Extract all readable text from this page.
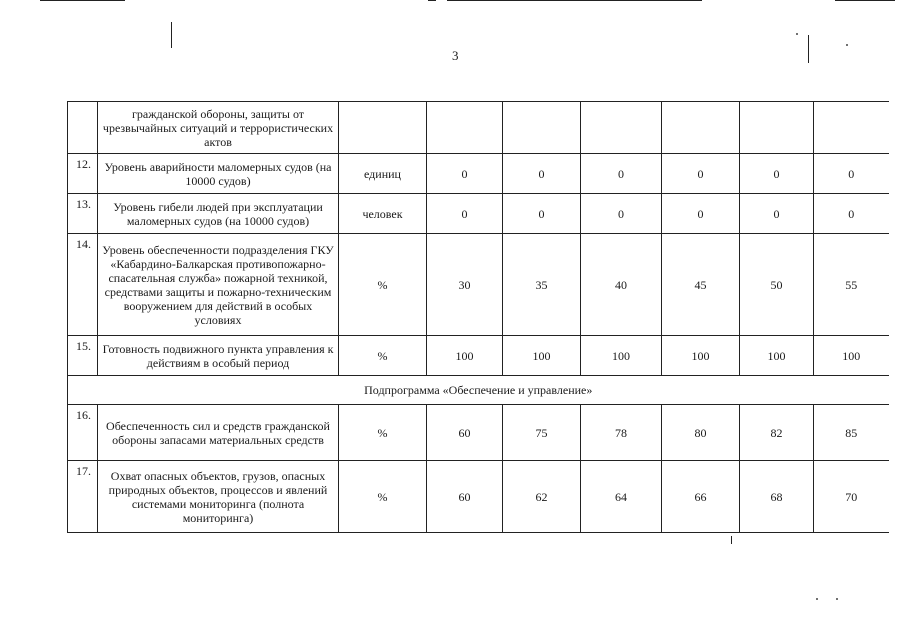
3
	гражданской обороны, защиты от чрезвычайных ситуаций и террористических актов							
12.	Уровень аварийности маломерных судов (на 10000 судов)	единиц	0	0	0	0	0	0
13.	Уровень гибели людей при эксплуатации маломерных судов (на 10000 судов)	человек	0	0	0	0	0	0
14.	Уровень обеспеченности подразделения ГКУ «Кабардино-Балкарская противопожарно-спасательная служба» пожарной техникой, средствами защиты и пожарно-техническим вооружением для действий в особых условиях	%	30	35	40	45	50	55
15.	Готовность подвижного пункта управления к действиям в особый период	%	100	100	100	100	100	100
Подпрограмма «Обеспечение и управление»								
16.	Обеспеченность сил и средств гражданской обороны запасами материальных средств	%	60	75	78	80	82	85
17.	Охват опасных объектов, грузов, опасных природных объектов, процессов и явлений системами мониторинга (полнота мониторинга)	%	60	62	64	66	68	70
